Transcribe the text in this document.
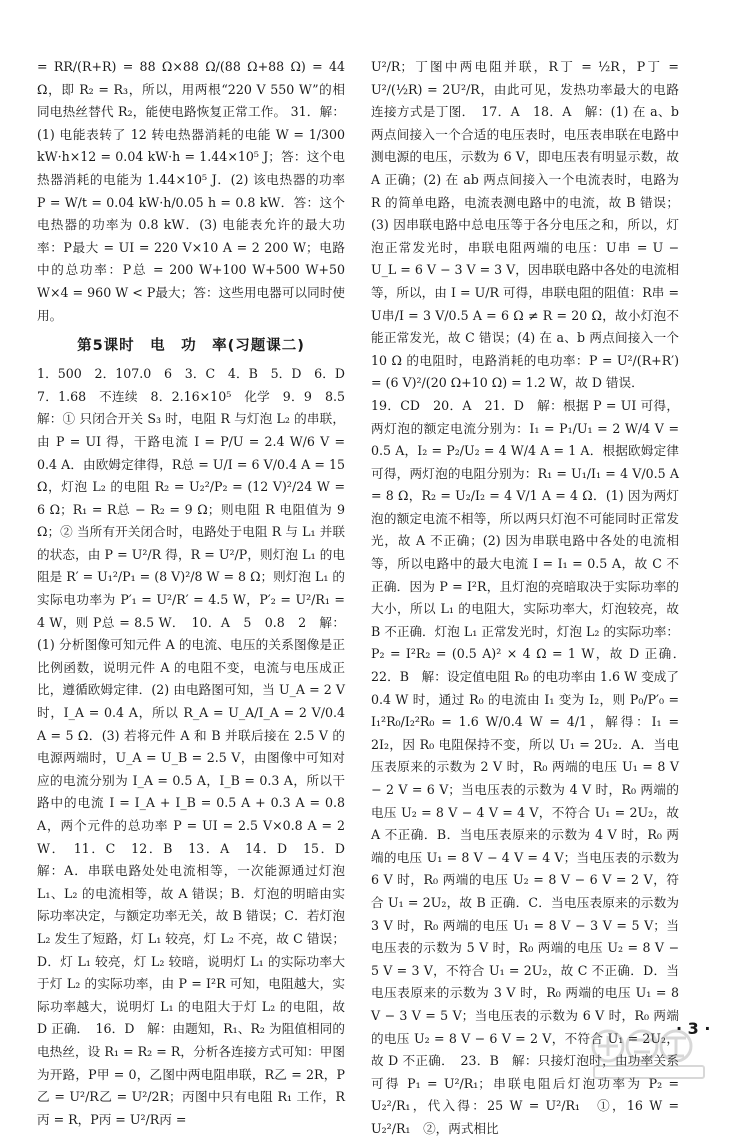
= RR/(R+R) = 88 Ω×88 Ω/(88 Ω+88 Ω) = 44 Ω，即 R₂ = R₃，所以，用两根“220 V 550 W”的相同电热丝替代 R₂，能使电路恢复正常工作。 31．解：(1) 电能表转了 12 转电热器消耗的电能 W = 1/300 kW·h×12 = 0.04 kW·h = 1.44×10⁵ J；答：这个电热器消耗的电能为 1.44×10⁵ J．(2) 该电热器的功率 P = W/t = 0.04 kW·h/0.05 h = 0.8 kW．答：这个电热器的功率为 0.8 kW．(3) 电能表允许的最大功率：P最大 = UI = 220 V×10 A = 2 200 W；电路中的总功率：P总 = 200 W+100 W+500 W+50 W×4 = 960 W < P最大；答：这些用电器可以同时使用。

第5课时　电　功　率(习题课二)

1．500　2．107.0　6　3．C　4．B　5．D　6．D　7．1.68　不连续　8．2.16×10⁵　化学　9．9　8.5　解：① 只闭合开关 S₃ 时，电阻 R 与灯泡 L₂ 的串联，由 P = UI 得，干路电流 I = P/U = 2.4 W/6 V = 0.4 A．由欧姆定律得，R总 = U/I = 6 V/0.4 A = 15 Ω，灯泡 L₂ 的电阻 R₂ = U₂²/P₂ = (12 V)²/24 W = 6 Ω；R₁ = R总 − R₂ = 9 Ω；则电阻 R 电阻值为 9 Ω；② 当所有开关闭合时，电路处于电阻 R 与 L₁ 并联的状态，由 P = U²/R 得，R = U²/P，则灯泡 L₁ 的电阻是 R′ = U₁²/P₁ = (8 V)²/8 W = 8 Ω；则灯泡 L₁ 的实际电功率为 P′₁ = U²/R′ = 4.5 W，P′₂ = U²/R₁ = 4 W，则 P总 = 8.5 W．　10．A　5　0.8　2　解：(1) 分析图像可知元件 A 的电流、电压的关系图像是正比例函数，说明元件 A 的电阻不变，电流与电压成正比，遵循欧姆定律．(2) 由电路图可知，当 U_A = 2 V 时，I_A = 0.4 A，所以 R_A = U_A/I_A = 2 V/0.4 A = 5 Ω．(3) 若将元件 A 和 B 并联后接在 2.5 V 的电源两端时，U_A = U_B = 2.5 V，由图像中可知对应的电流分别为 I_A = 0.5 A，I_B = 0.3 A，所以干路中的电流 I = I_A + I_B = 0.5 A + 0.3 A = 0.8 A，两个元件的总功率 P = UI = 2.5 V×0.8 A = 2 W．　11．C　12．B　13．A　14．D　15．D　解：A．串联电路处处电流相等，一次能源通过灯泡 L₁、L₂ 的电流相等，故 A 错误；B．灯泡的明暗由实际功率决定，与额定功率无关，故 B 错误；C．若灯泡 L₂ 发生了短路，灯 L₁ 较亮，灯 L₂ 不亮，故 C 错误；D．灯 L₁ 较亮，灯 L₂ 较暗，说明灯 L₁ 的实际功率大于灯 L₂ 的实际功率，由 P = I²R 可知，电阻越大，实际功率越大，说明灯 L₁ 的电阻大于灯 L₂ 的电阻，故 D 正确．　16．D　解：由题知，R₁、R₂ 为阻值相同的电热丝，设 R₁ = R₂ = R，分析各连接方式可知：甲图为开路，P甲 = 0，乙图中两电阻串联，R乙 = 2R，P乙 = U²/R乙 = U²/2R；丙图中只有电阻 R₁ 工作，R丙 = R，P丙 = U²/R丙 =

U²/R；丁图中两电阻并联，R丁 = ½R，P丁 = U²/(½R) = 2U²/R，由此可见，发热功率最大的电路连接方式是丁图．　17．A　18．A　解：(1) 在 a、b 两点间接入一个合适的电压表时，电压表串联在电路中测电源的电压，示数为 6 V，即电压表有明显示数，故 A 正确；(2) 在 ab 两点间接入一个电流表时，电路为 R 的简单电路，电流表测电路中的电流，故 B 错误；(3) 因串联电路中总电压等于各分电压之和，所以，灯泡正常发光时，串联电阻两端的电压：U串 = U − U_L = 6 V − 3 V = 3 V，因串联电路中各处的电流相等，所以，由 I = U/R 可得，串联电阻的阻值：R串 = U串/I = 3 V/0.5 A = 6 Ω ≠ R = 20 Ω，故小灯泡不能正常发光，故 C 错误；(4) 在 a、b 两点间接入一个 10 Ω 的电阻时，电路消耗的电功率：P = U²/(R+R′) = (6 V)²/(20 Ω+10 Ω) = 1.2 W，故 D 错误．

19．CD　20．A　21．D　解：根据 P = UI 可得，两灯泡的额定电流分别为：I₁ = P₁/U₁ = 2 W/4 V = 0.5 A，I₂ = P₂/U₂ = 4 W/4 A = 1 A．根据欧姆定律可得，两灯泡的电阻分别为：R₁ = U₁/I₁ = 4 V/0.5 A = 8 Ω，R₂ = U₂/I₂ = 4 V/1 A = 4 Ω．(1) 因为两灯泡的额定电流不相等，所以两只灯泡不可能同时正常发光，故 A 不正确；(2) 因为串联电路中各处的电流相等，所以电路中的最大电流 I = I₁ = 0.5 A，故 C 不正确．因为 P = I²R，且灯泡的亮暗取决于实际功率的大小，所以 L₁ 的电阻大，实际功率大，灯泡较亮，故 B 不正确．灯泡 L₁ 正常发光时，灯泡 L₂ 的实际功率：P₂ = I²R₂ = (0.5 A)² × 4 Ω = 1 W，故 D 正确．　22．B　解：设定值电阻 R₀ 的电功率由 1.6 W 变成了 0.4 W 时，通过 R₀ 的电流由 I₁ 变为 I₂，则 P₀/P′₀ = I₁²R₀/I₂²R₀ = 1.6 W/0.4 W = 4/1，解得：I₁ = 2I₂，因 R₀ 电阻保持不变，所以 U₁ = 2U₂．A．当电压表原来的示数为 2 V 时，R₀ 两端的电压 U₁ = 8 V − 2 V = 6 V；当电压表的示数为 4 V 时，R₀ 两端的电压 U₂ = 8 V − 4 V = 4 V，不符合 U₁ = 2U₂，故 A 不正确．B．当电压表原来的示数为 4 V 时，R₀ 两端的电压 U₁ = 8 V − 4 V = 4 V；当电压表的示数为 6 V 时，R₀ 两端的电压 U₂ = 8 V − 6 V = 2 V，符合 U₁ = 2U₂，故 B 正确．C．当电压表原来的示数为 3 V 时，R₀ 两端的电压 U₁ = 8 V − 3 V = 5 V；当电压表的示数为 5 V 时，R₀ 两端的电压 U₂ = 8 V − 5 V = 3 V，不符合 U₁ = 2U₂，故 C 不正确．D．当电压表原来的示数为 3 V 时，R₀ 两端的电压 U₁ = 8 V − 3 V = 5 V；当电压表的示数为 6 V 时，R₀ 两端的电压 U₂ = 8 V − 6 V = 2 V，不符合 U₁ = 2U₂，故 D 不正确．　23．B　解：只接灯泡时，由功率关系可得 P₁ = U²/R₁；串联电阻后灯泡功率为 P₂ = U₂²/R₁，代入得：25 W = U²/R₁　①，16 W = U₂²/R₁　②，两式相比

· 3 ·
